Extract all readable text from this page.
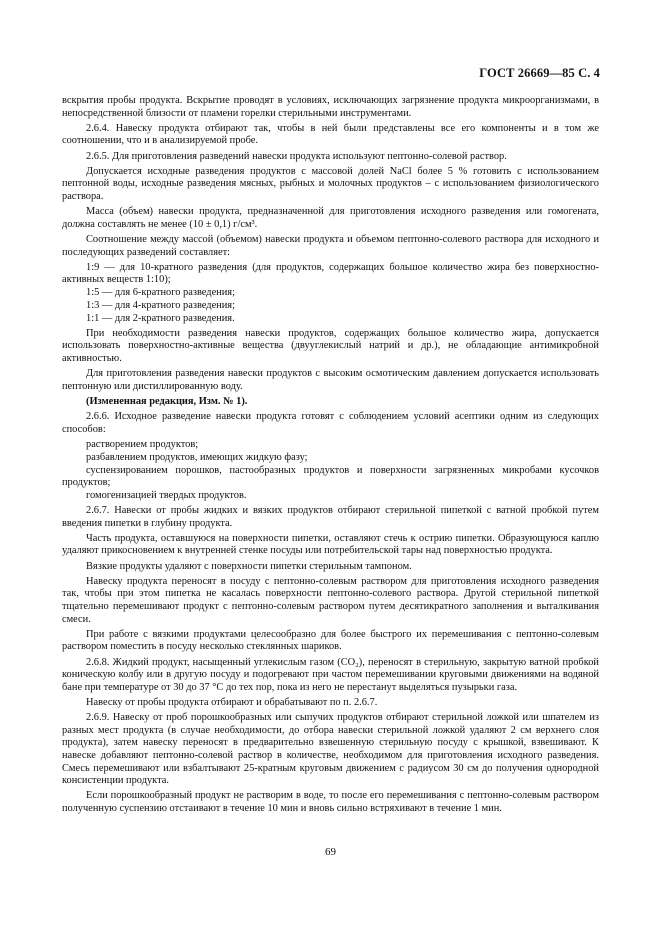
ГОСТ 26669—85 С. 4

вскрытия пробы продукта. Вскрытие проводят в условиях, исключающих загрязнение продукта микроорганизмами, в непосредственной близости от пламени горелки стерильными инструментами.

2.6.4. Навеску продукта отбирают так, чтобы в ней были представлены все его компоненты и в том же соотношении, что и в анализируемой пробе.

2.6.5. Для приготовления разведений навески продукта используют пептонно-солевой раствор.

Допускается исходные разведения продуктов с массовой долей NaCl более 5 % готовить с использованием пептонной воды, исходные разведения мясных, рыбных и молочных продуктов – с использованием физиологического раствора.

Масса (объем) навески продукта, предназначенной для приготовления исходного разведения или гомогената, должна составлять не менее (10 ± 0,1) г/см³.

Соотношение между массой (объемом) навески продукта и объемом пептонно-солевого раствора для исходного и последующих разведений составляет:

1:9 — для 10-кратного разведения (для продуктов, содержащих большое количество жира без поверхностно-активных веществ 1:10);

1:5 — для 6-кратного разведения;

1:3 — для 4-кратного разведения;

1:1 — для 2-кратного разведения.

При необходимости разведения навески продуктов, содержащих большое количество жира, допускается использовать поверхностно-активные вещества (двууглекислый натрий и др.), не обладающие антимикробной активностью.

Для приготовления разведения навески продуктов с высоким осмотическим давлением допускается использовать пептонную или дистиллированную воду.

(Измененная редакция, Изм. № 1).

2.6.6. Исходное разведение навески продукта готовят с соблюдением условий асептики одним из следующих способов:

растворением продуктов;

разбавлением продуктов, имеющих жидкую фазу;

суспензированием порошков, пастообразных продуктов и поверхности загрязненных микробами кусочков продуктов;

гомогенизацией твердых продуктов.

2.6.7. Навески от пробы жидких и вязких продуктов отбирают стерильной пипеткой с ватной пробкой путем введения пипетки в глубину продукта.

Часть продукта, оставшуюся на поверхности пипетки, оставляют стечь к острию пипетки. Образующуюся каплю удаляют прикосновением к внутренней стенке посуды или потребительской тары над поверхностью продукта.

Вязкие продукты удаляют с поверхности пипетки стерильным тампоном.

Навеску продукта переносят в посуду с пептонно-солевым раствором для приготовления исходного разведения так, чтобы при этом пипетка не касалась поверхности пептонно-солевого раствора. Другой стерильной пипеткой тщательно перемешивают продукт с пептонно-солевым раствором путем десятикратного заполнения и выталкивания смеси.

При работе с вязкими продуктами целесообразно для более быстрого их перемешивания с пептонно-солевым раствором поместить в посуду несколько стеклянных шариков.

2.6.8. Жидкий продукт, насыщенный углекислым газом (СО₂), переносят в стерильную, закрытую ватной пробкой коническую колбу или в другую посуду и подогревают при частом перемешивании круговыми движениями на водяной бане при температуре от 30 до 37 °С до тех пор, пока из него не перестанут выделяться пузырьки газа.

Навеску от пробы продукта отбирают и обрабатывают по п. 2.6.7.

2.6.9. Навеску от проб порошкообразных или сыпучих продуктов отбирают стерильной ложкой или шпателем из разных мест продукта (в случае необходимости, до отбора навески стерильной ложкой удаляют 2 см верхнего слоя продукта), затем навеску переносят в предварительно взвешенную стерильную посуду с крышкой, взвешивают. К навеске добавляют пептонно-солевой раствор в количестве, необходимом для приготовления исходного разведения. Смесь перемешивают или взбалтывают 25-кратным круговым движением с радиусом 30 см до получения однородной консистенции продукта.

Если порошкообразный продукт не растворим в воде, то после его перемешивания с пептонно-солевым раствором полученную суспензию отстаивают в течение 10 мин и вновь сильно встряхивают в течение 1 мин.

69
